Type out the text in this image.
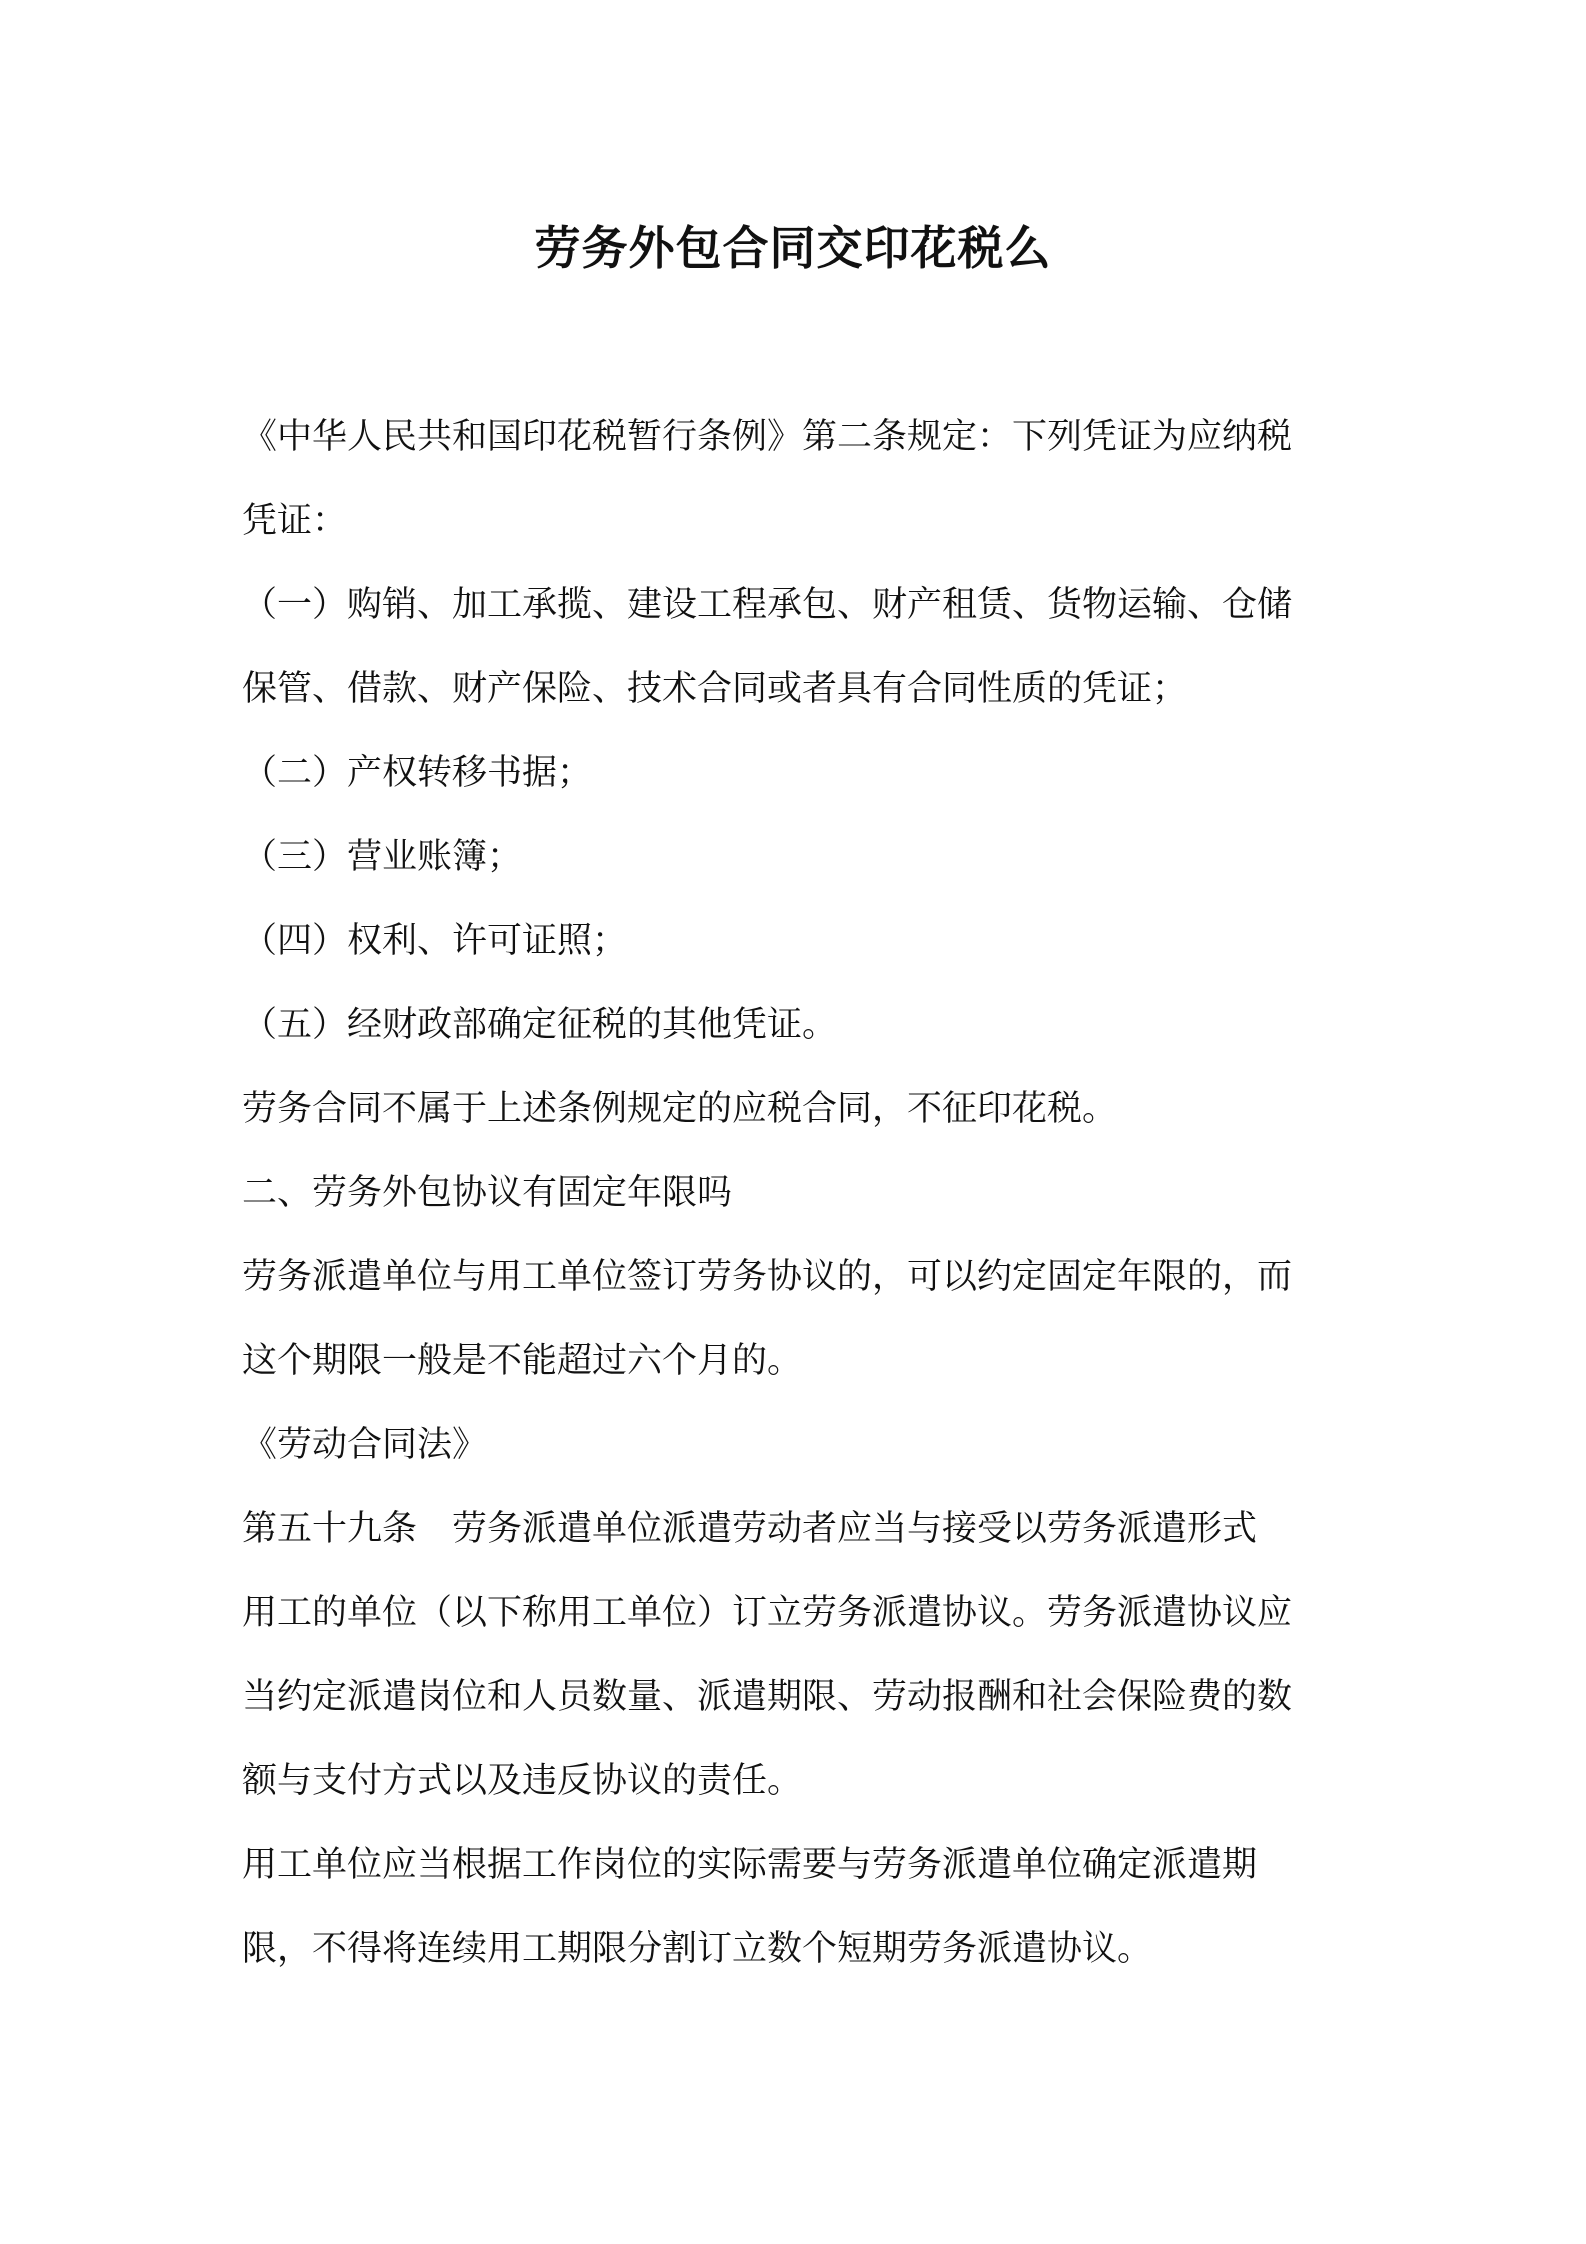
劳务外包合同交印花税么

《中华人民共和国印花税暂行条例》第二条规定：下列凭证为应纳税

凭证：

（一）购销、加工承揽、建设工程承包、财产租赁、货物运输、仓储

保管、借款、财产保险、技术合同或者具有合同性质的凭证；

（二）产权转移书据；

（三）营业账簿；

（四）权利、许可证照；

（五）经财政部确定征税的其他凭证。

劳务合同不属于上述条例规定的应税合同，不征印花税。

二、劳务外包协议有固定年限吗

劳务派遣单位与用工单位签订劳务协议的，可以约定固定年限的，而

这个期限一般是不能超过六个月的。

《劳动合同法》

第五十九条　劳务派遣单位派遣劳动者应当与接受以劳务派遣形式

用工的单位（以下称用工单位）订立劳务派遣协议。劳务派遣协议应

当约定派遣岗位和人员数量、派遣期限、劳动报酬和社会保险费的数

额与支付方式以及违反协议的责任。

用工单位应当根据工作岗位的实际需要与劳务派遣单位确定派遣期

限，不得将连续用工期限分割订立数个短期劳务派遣协议。
